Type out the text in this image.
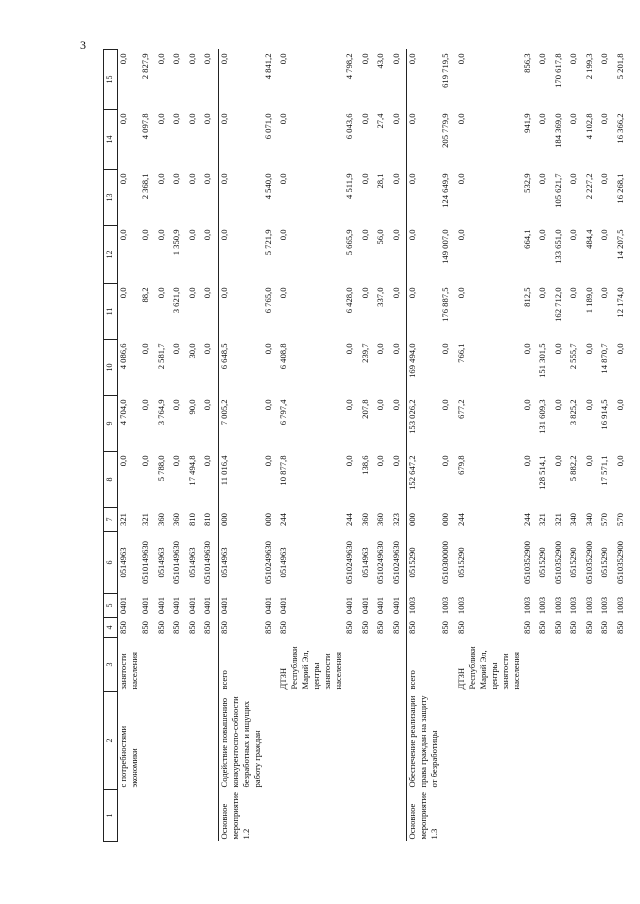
3
1	2	3	4	5	6	7	8	9	10	11	12	13	14	15
	с потребностями экономики	занятости населения	850	0401	0514963	321	0,0	4 704,0	4 086,6	0,0	0,0	0,0	0,0	0,0
			850	0401	0510149630	321	0,0	0,0	0,0	88,2	0,0	2 368,1	4 097,8	2 827,9
			850	0401	0514963	360	5 788,0	3 764,9	2 581,7	0,0	0,0	0,0	0,0	0,0
			850	0401	0510149630	360	0,0	0,0	0,0	3 621,0	1 350,9	0,0	0,0	0,0
			850	0401	0514963	810	17 494,8	90,0	30,0	0,0	0,0	0,0	0,0	0,0
			850	0401	0510149630	810	0,0	0,0	0,0	0,0	0,0	0,0	0,0	0,0
Основное мероприятие 1.2	Содействие повышению конкурентоспо-собности безработных и ищущих работу граждан	всего	850	0401	0514963	000	11 016,4	7 005,2	6 648,5	0,0	0,0	0,0	0,0	0,0
			850	0401	0510249630	000	0,0	0,0	0,0	6 765,0	5 721,9	4 540,0	6 071,0	4 841,2
		ДТЗН Республики Марий Эл, центры занятости населения	850	0401	0514963	244	10 877,8	6 797,4	6 408,8	0,0	0,0	0,0	0,0	0,0
			850	0401	0510249630	244	0,0	0,0	0,0	6 428,0	5 665,9	4 511,9	6 043,6	4 798,2
			850	0401	0514963	360	138,6	207,8	239,7	0,0	0,0	0,0	0,0	0,0
			850	0401	0510249630	360	0,0	0,0	0,0	337,0	56,0	28,1	27,4	43,0
			850	0401	0510249630	323	0,0	0,0	0,0	0,0	0,0	0,0	0,0	0,0
Основное мероприятие 1.3	Обеспечение реализации права граждан на защиту от безработицы	всего	850	1003	0515290	000	152 647,2	153 026,2	169 494,0	0,0	0,0	0,0	0,0	0,0
			850	1003	0510300000	000	0,0	0,0	0,0	176 887,5	149 007,0	124 649,9	205 779,9	619 719,5
		ДТЗН Республики Марий Эл, центры занятости населения	850	1003	0515290	244	679,8	677,2	766,1	0,0	0,0	0,0	0,0	0,0
			850	1003	0510352900	244	0,0	0,0	0,0	812,5	664,1	532,9	941,9	856,3
			850	1003	0515290	321	128 514,1	131 609,3	151 301,5	0,0	0,0	0,0	0,0	0,0
			850	1003	0510352900	321	0,0	0,0	0,0	162 712,0	133 651,0	105 621,7	184 369,0	170 617,8
			850	1003	0515290	340	5 882,2	3 825,2	2 555,7	0,0	0,0	0,0	0,0	0,0
			850	1003	0510352900	340	0,0	0,0	0,0	1 189,0	484,4	2 227,2	4 102,8	2 199,3
			850	1003	0515290	570	17 571,1	16 914,5	14 870,7	0,0	0,0	0,0	0,0	0,0
			850	1003	0510352900	570	0,0	0,0	0,0	12 174,0	14 207,5	16 268,1	16 366,2	5 201,8
